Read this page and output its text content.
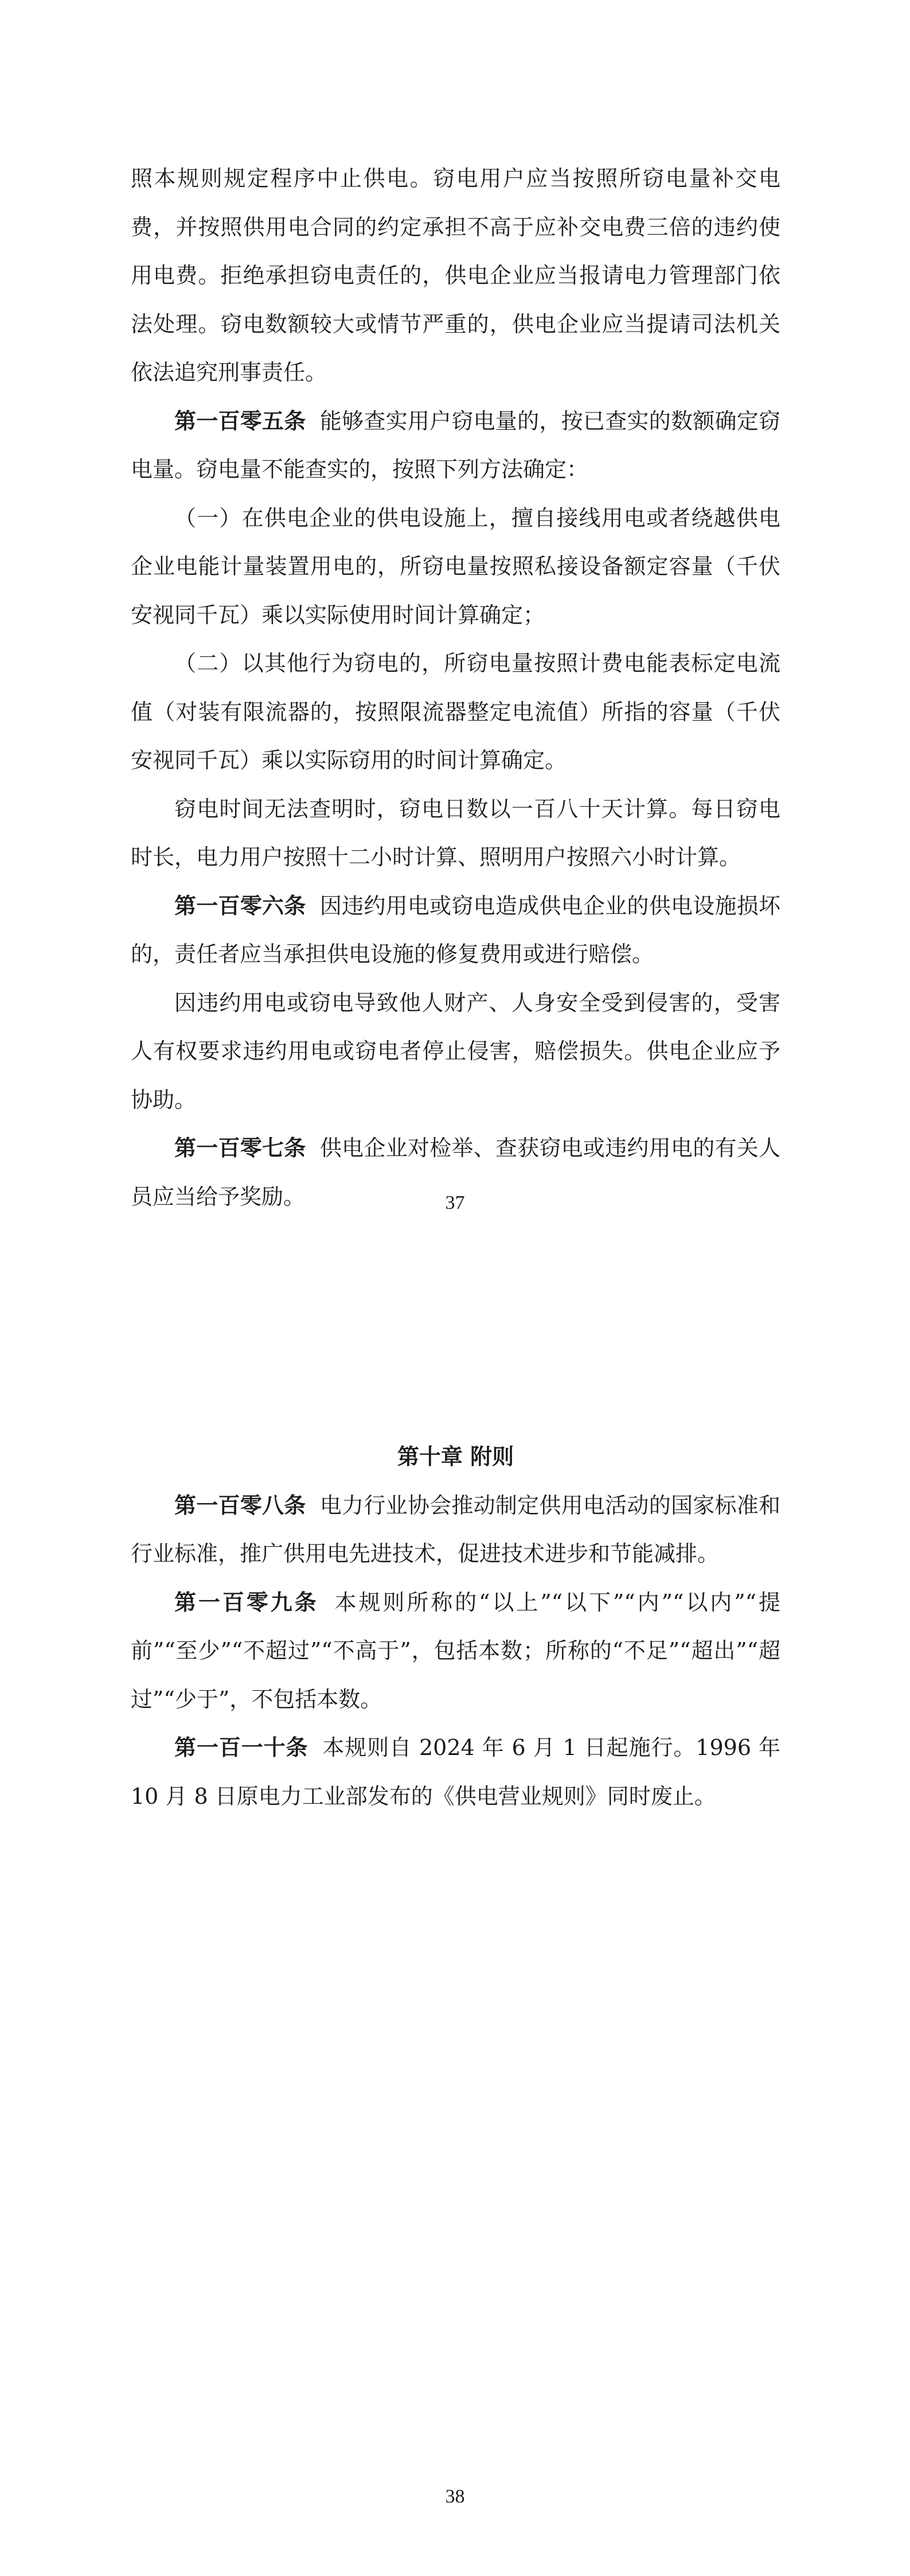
照本规则规定程序中止供电。窃电用户应当按照所窃电量补交电费，并按照供用电合同的约定承担不高于应补交电费三倍的违约使用电费。拒绝承担窃电责任的，供电企业应当报请电力管理部门依法处理。窃电数额较大或情节严重的，供电企业应当提请司法机关依法追究刑事责任。

第一百零五条 能够查实用户窃电量的，按已查实的数额确定窃电量。窃电量不能查实的，按照下列方法确定：

（一）在供电企业的供电设施上，擅自接线用电或者绕越供电企业电能计量装置用电的，所窃电量按照私接设备额定容量（千伏安视同千瓦）乘以实际使用时间计算确定；

（二）以其他行为窃电的，所窃电量按照计费电能表标定电流值（对装有限流器的，按照限流器整定电流值）所指的容量（千伏安视同千瓦）乘以实际窃用的时间计算确定。

窃电时间无法查明时，窃电日数以一百八十天计算。每日窃电时长，电力用户按照十二小时计算、照明用户按照六小时计算。

第一百零六条 因违约用电或窃电造成供电企业的供电设施损坏的，责任者应当承担供电设施的修复费用或进行赔偿。

因违约用电或窃电导致他人财产、人身安全受到侵害的，受害人有权要求违约用电或窃电者停止侵害，赔偿损失。供电企业应予协助。

第一百零七条 供电企业对检举、查获窃电或违约用电的有关人员应当给予奖励。	37

第十章 附则

第一百零八条 电力行业协会推动制定供用电活动的国家标准和行业标准，推广供用电先进技术，促进技术进步和节能减排。

第一百零九条 本规则所称的“以上”“以下”“内”“以内”“提前”“至少”“不超过”“不高于”，包括本数；所称的“不足”“超出”“超过”“少于”，不包括本数。

第一百一十条 本规则自 2024 年 6 月 1 日起施行。1996 年 10 月 8 日原电力工业部发布的《供电营业规则》同时废止。

38
